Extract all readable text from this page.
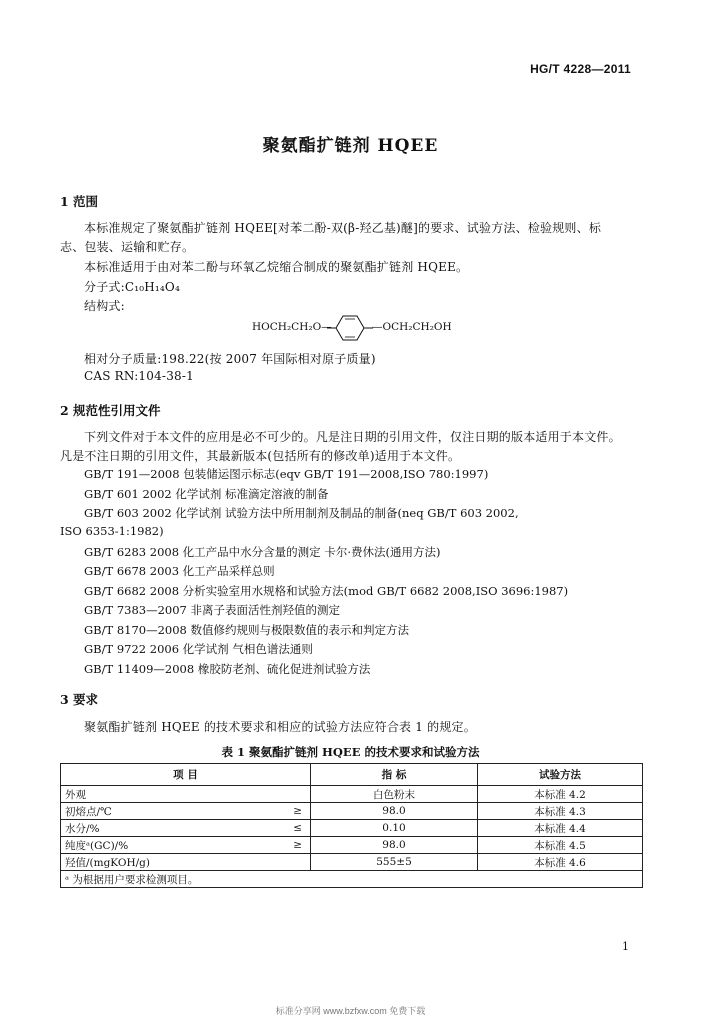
HG/T 4228—2011
聚氨酯扩链剂 HQEE
1 范围
本标准规定了聚氨酯扩链剂 HQEE[对苯二酚-双(β-羟乙基)醚]的要求、试验方法、检验规则、标
志、包装、运输和贮存。
本标准适用于由对苯二酚与环氧乙烷缩合制成的聚氨酯扩链剂 HQEE。
分子式:C₁₀H₁₄O₄
结构式:
HOCH₂CH₂O—	—OCH₂CH₂OH
相对分子质量:198.22(按 2007 年国际相对原子质量)
CAS RN:104-38-1
2 规范性引用文件
下列文件对于本文件的应用是必不可少的。凡是注日期的引用文件，仅注日期的版本适用于本文件。
凡是不注日期的引用文件，其最新版本(包括所有的修改单)适用于本文件。
GB/T 191—2008 包装储运图示标志(eqv GB/T 191—2008,ISO 780:1997)
GB/T 601 2002 化学试剂 标准滴定溶液的制备
GB/T 603 2002 化学试剂 试验方法中所用制剂及制品的制备(neq GB/T 603 2002,
ISO 6353-1:1982)
GB/T 6283 2008 化工产品中水分含量的测定 卡尔·费休法(通用方法)
GB/T 6678 2003 化工产品采样总则
GB/T 6682 2008 分析实验室用水规格和试验方法(mod GB/T 6682 2008,ISO 3696:1987)
GB/T 7383—2007 非离子表面活性剂羟值的测定
GB/T 8170—2008 数值修约规则与极限数值的表示和判定方法
GB/T 9722 2006 化学试剂 气相色谱法通则
GB/T 11409—2008 橡胶防老剂、硫化促进剂试验方法
3 要求
聚氨酯扩链剂 HQEE 的技术要求和相应的试验方法应符合表 1 的规定。
表 1 聚氨酯扩链剂 HQEE 的技术要求和试验方法
项 目		指 标	试验方法
外观		白色粉末	本标准 4.2
初熔点/℃	≥	98.0	本标准 4.3
水分/%	≤	0.10	本标准 4.4
纯度ᵃ(GC)/%	≥	98.0	本标准 4.5
羟值/(mgKOH/g)		555±5	本标准 4.6
ᵃ 为根据用户要求检测项目。			
1
标准分享网 www.bzfxw.com 免费下载
